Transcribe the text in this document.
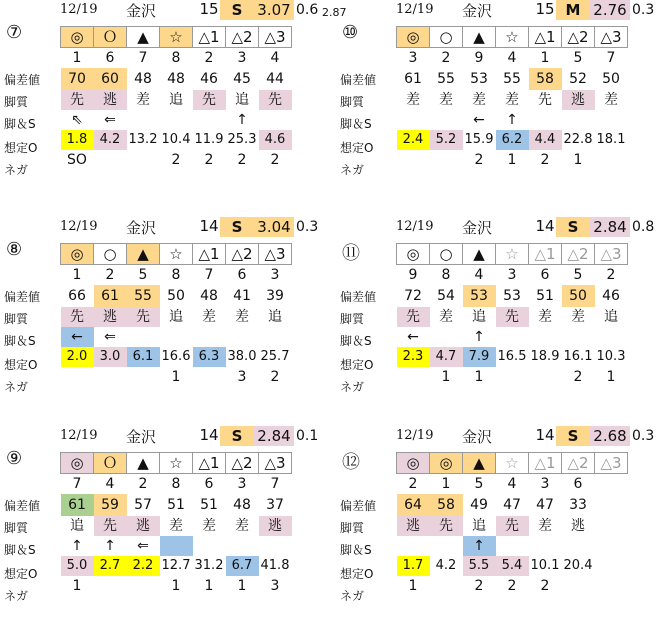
12/19 金沢	15 S 3.07 0.6 2.87
⑦
偏差値
脚質
脚＆S
想定O
ネガ
◎	Ｏ	▲	☆	△1	△2	△3
1	6	7	8	2	3	4
70	60	48	48	46	45	44
先	逃	差	追	先	追	先
⇖	⇐				↑	
1.8	4.2	13.2	10.4	11.9	25.3	4.6
SO			2	2	2	2
12/19 金沢	15 M 2.76 0.3
⑩
偏差値
脚質
脚＆S
想定O
ネガ
◎	○	▲	☆	△1	△2	△3
3	2	9	4	1	5	7
61	55	53	55	58	52	50
差	差	差	差	先	逃	差
		←	↑			
2.4	5.2	15.9	6.2	4.4	22.8	18.1
		2	1	2	1	
12/19 金沢	14 S 3.04 0.3
⑧
偏差値
脚質
脚＆S
想定O
ネガ
◎	○	▲	☆	△1	△2	△3
1	2	5	8	7	6	3
66	61	55	50	48	41	39
先	逃	先	追	差	差	追
←	⇐					
2.0	3.0	6.1	16.6	6.3	38.0	25.7
			1		3	2
12/19 金沢	14 S 2.84 0.8
⑪
偏差値
脚質
脚＆S
想定O
ネガ
◎	○	▲	☆	△1	△2	△3
9	8	4	3	6	5	2
72	54	53	53	51	50	46
先	差	追	先	差	差	追
←		↑				
2.3	4.7	7.9	16.5	18.9	16.1	10.3
	1	1			2	1
12/19 金沢	14 S 2.84 0.1
⑨
偏差値
脚質
脚＆S
想定O
ネガ
◎	Ｏ	▲	☆	△1	△2	△3
7	4	2	8	6	3	7
61	59	57	51	51	48	37
追	先	逃	差	差	差	逃
↑	↑	⇐				
5.0	2.7	2.2	12.7	31.2	6.7	41.8
1			1	1	1	3
12/19 金沢	14 S 2.68 0.3
⑫
偏差値
脚質
脚＆S
想定O
ネガ
◎	◎	▲	☆	△1	△2	△3
2	1	5	4	3	6	
64	58	49	47	47	33	
逃	先	追	先	差	逃	
		↑				
1.7	4.2	5.5	5.4	10.1	20.4	
1		2	2	2		
